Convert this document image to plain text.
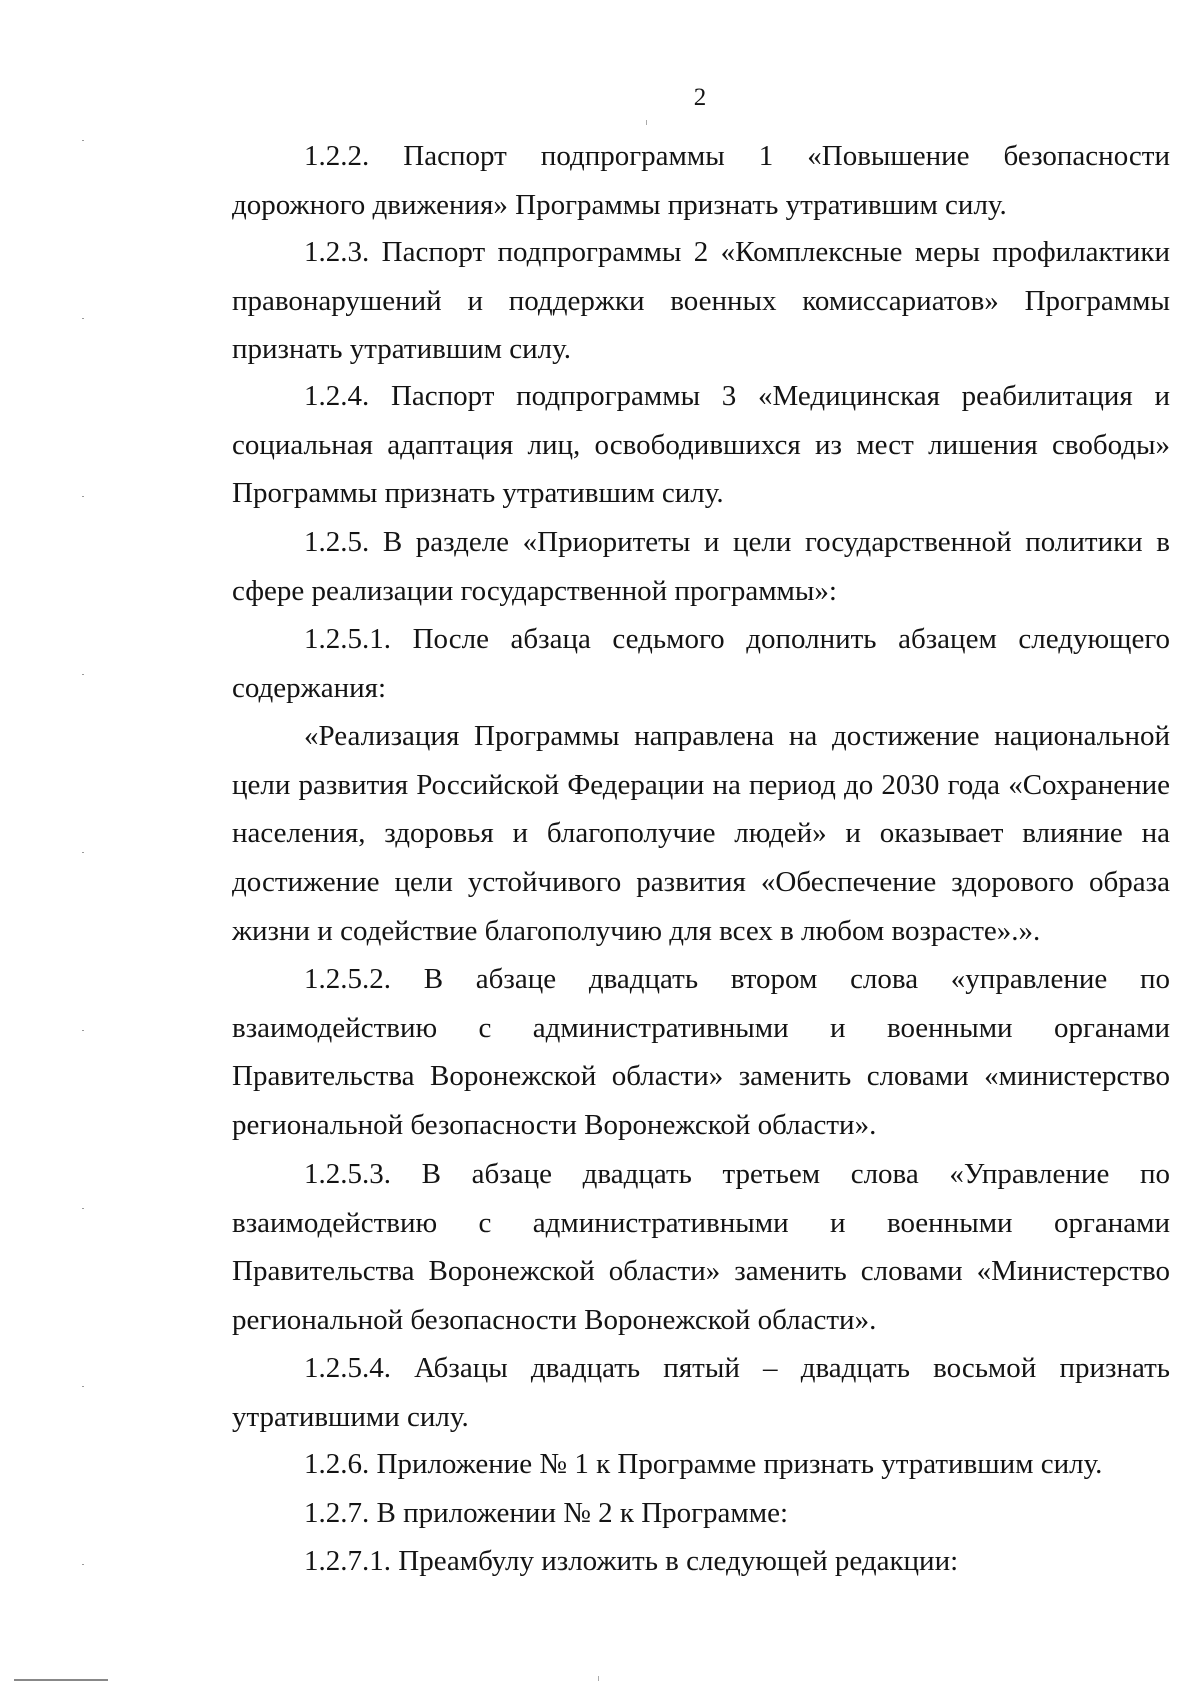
2

1.2.2. Паспорт подпрограммы 1 «Повышение безопасности дорожного движения» Программы признать утратившим силу.

1.2.3. Паспорт подпрограммы 2 «Комплексные меры профилактики правонарушений и поддержки военных комиссариатов» Программы признать утратившим силу.

1.2.4. Паспорт подпрограммы 3 «Медицинская реабилитация и социальная адаптация лиц, освободившихся из мест лишения свободы» Программы признать утратившим силу.

1.2.5. В разделе «Приоритеты и цели государственной политики в сфере реализации государственной программы»:

1.2.5.1. После абзаца седьмого дополнить абзацем следующего содержания:

«Реализация Программы направлена на достижение национальной цели развития Российской Федерации на период до 2030 года «Сохранение населения, здоровья и благополучие людей» и оказывает влияние на достижение цели устойчивого развития «Обеспечение здорового образа жизни и содействие благополучию для всех в любом возрасте».».

1.2.5.2. В абзаце двадцать втором слова «управление по взаимодействию с административными и военными органами Правительства Воронежской области» заменить словами «министерство региональной безопасности Воронежской области».

1.2.5.3. В абзаце двадцать третьем слова «Управление по взаимодействию с административными и военными органами Правительства Воронежской области» заменить словами «Министерство региональной безопасности Воронежской области».

1.2.5.4. Абзацы двадцать пятый – двадцать восьмой признать утратившими силу.

1.2.6. Приложение № 1 к Программе признать утратившим силу.

1.2.7. В приложении № 2 к Программе:

1.2.7.1. Преамбулу изложить в следующей редакции:
